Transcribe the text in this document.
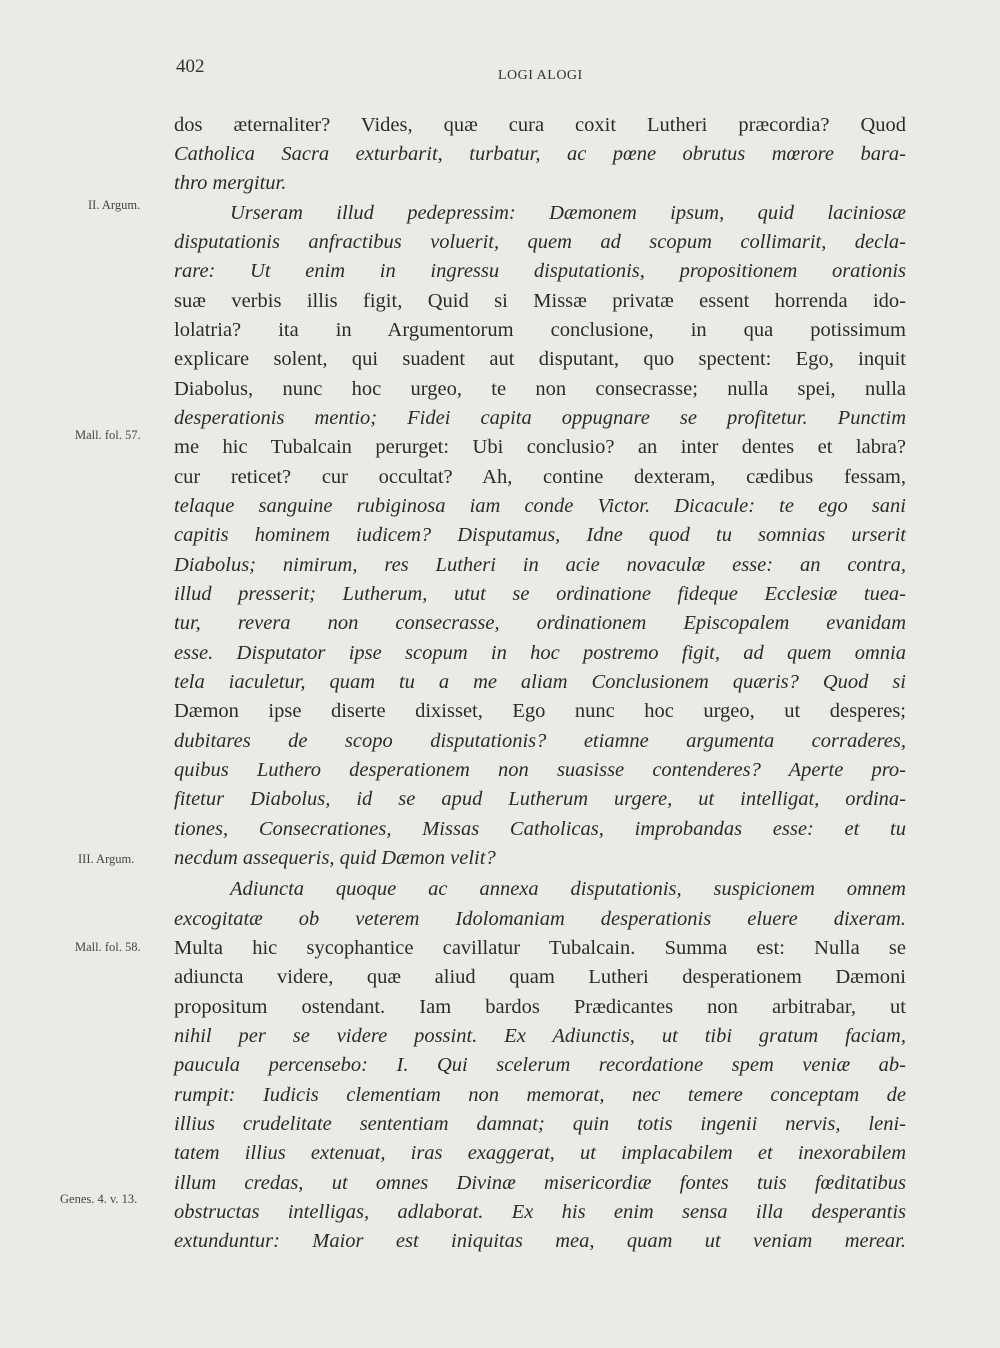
402	LOGI ALOGI
II. Argum.
Mall. fol. 57.
III. Argum.
Mall. fol. 58.
Genes. 4. v. 13.
dos æternaliter? Vides, quæ cura coxit Lutheri præcordia? Quod
Catholica Sacra exturbarit, turbatur, ac pœne obrutus mœrore bara-
thro mergitur.
Urseram illud pedepressim: Dæmonem ipsum, quid laciniosæ
disputationis anfractibus voluerit, quem ad scopum collimarit, decla-
rare: Ut enim in ingressu disputationis, propositionem orationis
suæ verbis illis figit, Quid si Missæ privatæ essent horrenda ido-
lolatria? ita in Argumentorum conclusione, in qua potissimum
explicare solent, qui suadent aut disputant, quo spectent: Ego, inquit
Diabolus, nunc hoc urgeo, te non consecrasse; nulla spei, nulla
desperationis mentio; Fidei capita oppugnare se profitetur. Punctim
me hic Tubalcain perurget: Ubi conclusio? an inter dentes et labra?
cur reticet? cur occultat? Ah, contine dexteram, cædibus fessam,
telaque sanguine rubiginosa iam conde Victor. Dicacule: te ego sani
capitis hominem iudicem? Disputamus, Idne quod tu somnias urserit
Diabolus; nimirum, res Lutheri in acie novaculæ esse: an contra,
illud presserit; Lutherum, utut se ordinatione fideque Ecclesiæ tuea-
tur, revera non consecrasse, ordinationem Episcopalem evanidam
esse. Disputator ipse scopum in hoc postremo figit, ad quem omnia
tela iaculetur, quam tu a me aliam Conclusionem quæris? Quod si
Dæmon ipse diserte dixisset, Ego nunc hoc urgeo, ut desperes;
dubitares de scopo disputationis? etiamne argumenta corraderes,
quibus Luthero desperationem non suasisse contenderes? Aperte pro-
fitetur Diabolus, id se apud Lutherum urgere, ut intelligat, ordina-
tiones, Consecrationes, Missas Catholicas, improbandas esse: et tu
necdum assequeris, quid Dæmon velit?
Adiuncta quoque ac annexa disputationis, suspicionem omnem
excogitatæ ob veterem Idolomaniam desperationis eluere dixeram.
Multa hic sycophantice cavillatur Tubalcain. Summa est: Nulla se
adiuncta videre, quæ aliud quam Lutheri desperationem Dæmoni
propositum ostendant. Iam bardos Prædicantes non arbitrabar, ut
nihil per se videre possint. Ex Adiunctis, ut tibi gratum faciam,
paucula percensebo: I. Qui scelerum recordatione spem veniæ ab-
rumpit: Iudicis clementiam non memorat, nec temere conceptam de
illius crudelitate sententiam damnat; quin totis ingenii nervis, leni-
tatem illius extenuat, iras exaggerat, ut implacabilem et inexorabilem
illum credas, ut omnes Divinæ misericordiæ fontes tuis fœditatibus
obstructas intelligas, adlaborat. Ex his enim sensa illa desperantis
extunduntur: Maior est iniquitas mea, quam ut veniam merear.
